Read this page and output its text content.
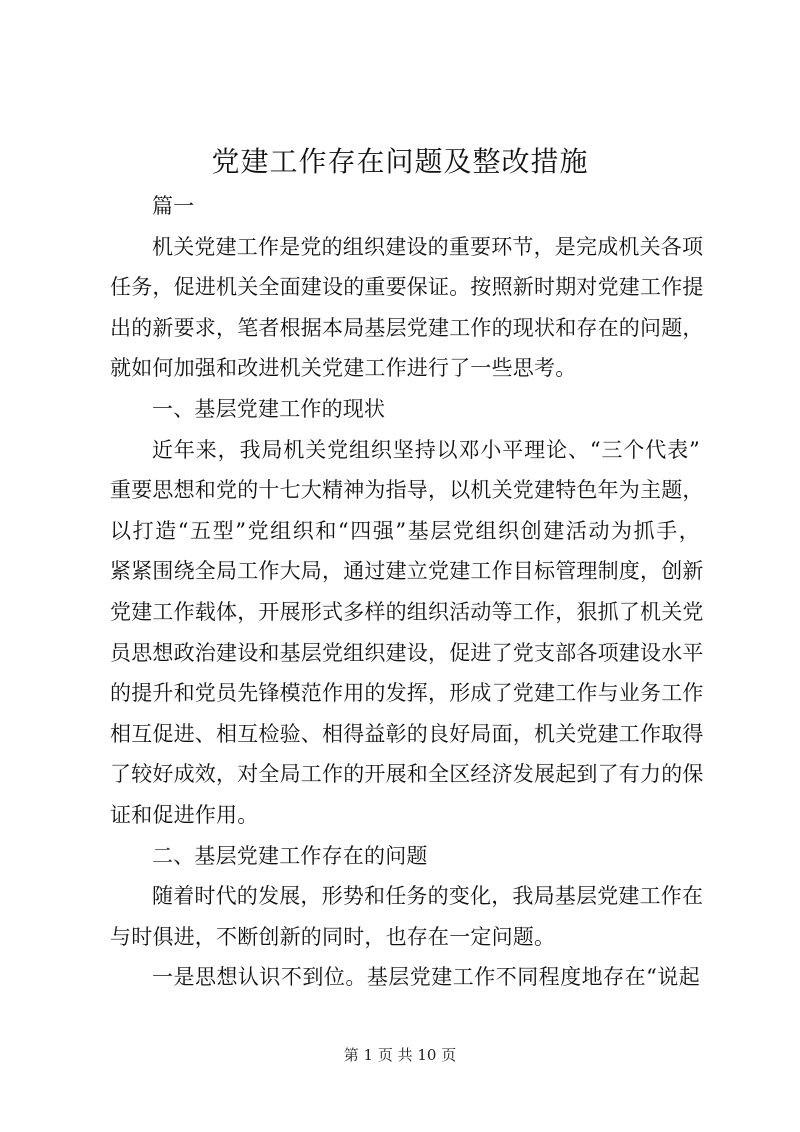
党建工作存在问题及整改措施
篇一
机关党建工作是党的组织建设的重要环节，是完成机关各项
任务，促进机关全面建设的重要保证。按照新时期对党建工作提
出的新要求，笔者根据本局基层党建工作的现状和存在的问题，
就如何加强和改进机关党建工作进行了一些思考。
一、基层党建工作的现状
近年来，我局机关党组织坚持以邓小平理论、“三个代表”
重要思想和党的十七大精神为指导，以机关党建特色年为主题，
以打造“五型”党组织和“四强”基层党组织创建活动为抓手，
紧紧围绕全局工作大局，通过建立党建工作目标管理制度，创新
党建工作载体，开展形式多样的组织活动等工作，狠抓了机关党
员思想政治建设和基层党组织建设，促进了党支部各项建设水平
的提升和党员先锋模范作用的发挥，形成了党建工作与业务工作
相互促进、相互检验、相得益彰的良好局面，机关党建工作取得
了较好成效，对全局工作的开展和全区经济发展起到了有力的保
证和促进作用。
二、基层党建工作存在的问题
随着时代的发展，形势和任务的变化，我局基层党建工作在
与时俱进，不断创新的同时，也存在一定问题。
一是思想认识不到位。基层党建工作不同程度地存在“说起
第 1 页 共 10 页
